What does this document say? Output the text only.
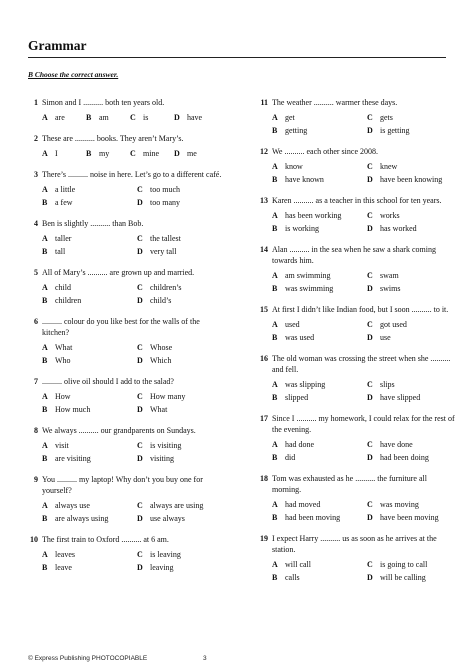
Grammar
B Choose the correct answer.
1 Simon and I .......... both ten years old.
A are	B am	C is	D have
2 These are .......... books. They aren’t Mary’s.
A I	B my	C mine D me
3 There’s .......... noise in here. Let’s go to a different café.
A a little	C too much
B a few	D too many
4 Ben is slightly .......... than Bob.
A taller	C the tallest
B tall	D very tall
5 All of Mary’s .......... are grown up and married.
A child	C children’s
B children	D child’s
6 .......... colour do you like best for the walls of the kitchen?
A What	C Whose
B Who	D Which
7 .......... olive oil should I add to the salad?
A How	C How many
B How much	D What
8 We always .......... our grandparents on Sundays.
A visit	C is visiting
B are visiting	D visiting
9 You .......... my laptop! Why don’t you buy one for yourself?
A always use	C always are using
B are always using	D use always
10 The first train to Oxford .......... at 6 am.
A leaves	C is leaving
B leave	D leaving
11 The weather .......... warmer these days.
A get	C gets
B getting	D is getting
12 We .......... each other since 2008.
A know	C knew
B have known	D have been knowing
13 Karen .......... as a teacher in this school for ten years.
A has been working	C works
B is working	D has worked
14 Alan .......... in the sea when he saw a shark coming towards him.
A am swimming	C swam
B was swimming	D swims
15 At first I didn’t like Indian food, but I soon .......... to it.
A used	C got used
B was used	D use
16 The old woman was crossing the street when she .......... and fell.
A was slipping	C slips
B slipped	D have slipped
17 Since I .......... my homework, I could relax for the rest of the evening.
A had done	C have done
B did	D had been doing
18 Tom was exhausted as he .......... the furniture all morning.
A had moved	C was moving
B had been moving	D have been moving
19 I expect Harry .......... us as soon as he arrives at the station.
A will call	C is going to call
B calls	D will be calling
© Express Publishing PHOTOCOPIABLE	3
